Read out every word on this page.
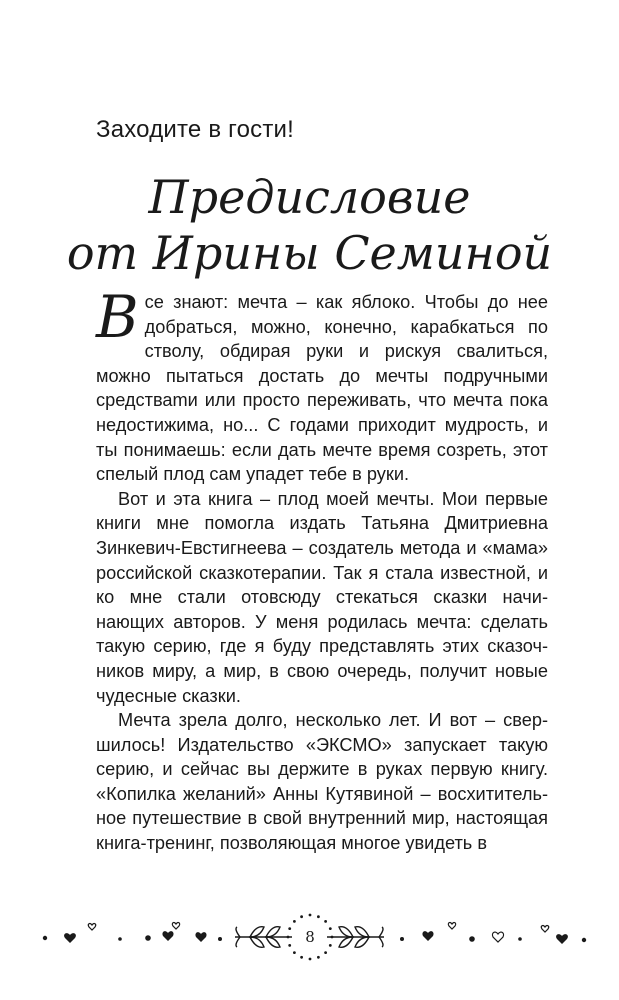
Заходите в гости!
Предисловие
от Ирины Семиной

Все знают: мечта – как яблоко. Чтобы до нее добраться, можно, конечно, карабкаться по стволу, обдирая руки и рискуя свалиться, можно пытаться достать до мечты подручными средстваmи или просто переживать, что мечта пока недостижима, но... С годами приходит мудрость, и ты понимаешь: если дать мечте время созреть, этот спелый плод сам упадет тебе в руки.

Вот и эта книга – плод моей мечты. Мои первые книги мне помогла издать Татьяна Дмитриевна Зинкевич-Евстигнеева – создатель метода и «мама» российской сказкотерапии. Так я стала известной, и ко мне стали отовсюду стекаться сказки начинающих авторов. У меня родилась мечта: сделать такую серию, где я буду представлять этих сказочников миру, а мир, в свою очередь, получит новые чудесные сказки.

Мечта зрела долго, несколько лет. И вот – свершилось! Издательство «ЭКСМО» запускает такую серию, и сейчас вы держите в руках первую книгу. «Копилка желаний» Анны Кутявиной – восхитительное путешествие в свой внутренний мир, настоящая книга-тренинг, позволяющая многое увидеть в

8
